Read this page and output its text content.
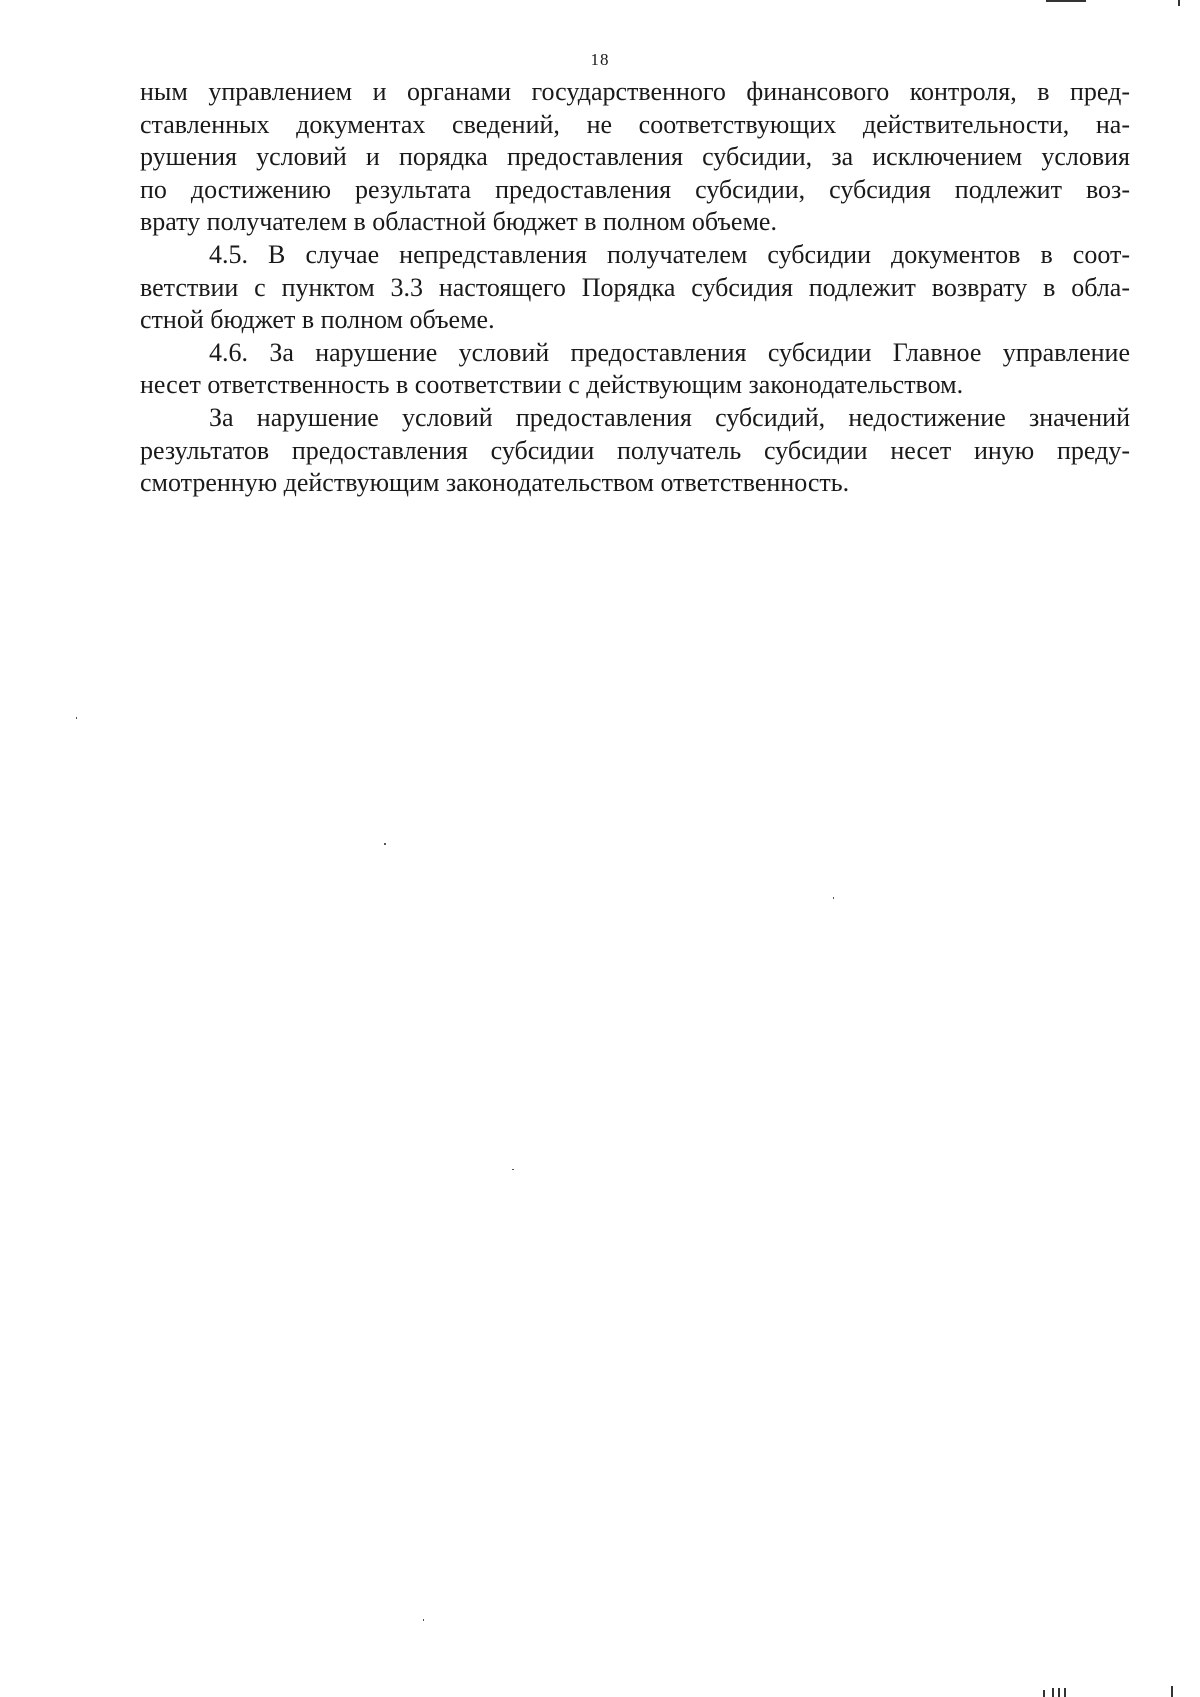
18

ным управлением и органами государственного финансового контроля, в пред-
ставленных документах сведений, не соответствующих действительности, на-
рушения условий и порядка предоставления субсидии, за исключением условия
по достижению результата предоставления субсидии, субсидия подлежит воз-
врату получателем в областной бюджет в полном объеме.

4.5. В случае непредставления получателем субсидии документов в соот-
ветствии с пунктом 3.3 настоящего Порядка субсидия подлежит возврату в обла-
стной бюджет в полном объеме.

4.6. За нарушение условий предоставления субсидии Главное управление
несет ответственность в соответствии с действующим законодательством.

За нарушение условий предоставления субсидий, недостижение значений
результатов предоставления субсидии получатель субсидии несет иную преду-
смотренную действующим законодательством ответственность.
